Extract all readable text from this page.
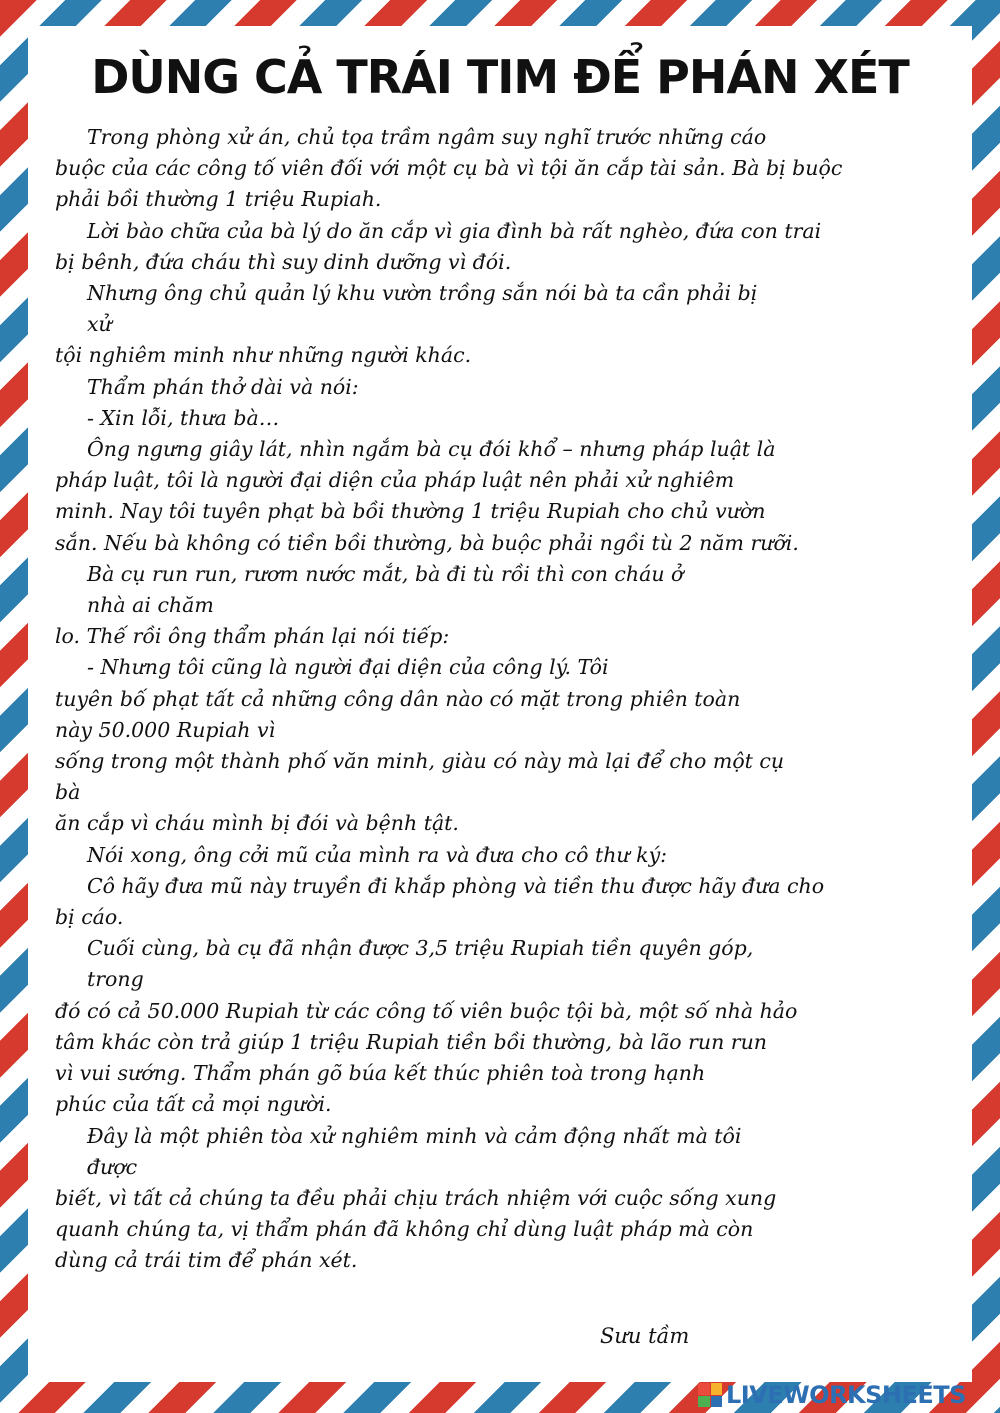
DÙNG CẢ TRÁI TIM ĐỂ PHÁN XÉT
Trong phòng xử án, chủ tọa trầm ngâm suy nghĩ trước những cáo
buộc của các công tố viên đối với một cụ bà vì tội ăn cắp tài sản. Bà bị buộc
phải bồi thường 1 triệu Rupiah.
Lời bào chữa của bà lý do ăn cắp vì gia đình bà rất nghèo, đứa con trai
bị bênh, đứa cháu thì suy dinh dưỡng vì đói.
Nhưng ông chủ quản lý khu vườn trồng sắn nói bà ta cần phải bị
xử
tội nghiêm minh như những người khác.
Thẩm phán thở dài và nói:
- Xin lỗi, thưa bà…
Ông ngưng giây lát, nhìn ngắm bà cụ đói khổ – nhưng pháp luật là
pháp luật, tôi là người đại diện của pháp luật nên phải xử nghiêm
minh. Nay tôi tuyên phạt bà bồi thường 1 triệu Rupiah cho chủ vườn
sắn. Nếu bà không có tiền bồi thường, bà buộc phải ngồi tù 2 năm rưỡi.
Bà cụ run run, rươm nước mắt, bà đi tù rồi thì con cháu ở
nhà ai chăm
lo. Thế rồi ông thẩm phán lại nói tiếp:
- Nhưng tôi cũng là người đại diện của công lý. Tôi
tuyên bố phạt tất cả những công dân nào có mặt trong phiên toàn
này 50.000 Rupiah vì
sống trong một thành phố văn minh, giàu có này mà lại để cho một cụ
bà
ăn cắp vì cháu mình bị đói và bệnh tật.
Nói xong, ông cởi mũ của mình ra và đưa cho cô thư ký:
Cô hãy đưa mũ này truyền đi khắp phòng và tiền thu được hãy đưa cho
bị cáo.
Cuối cùng, bà cụ đã nhận được 3,5 triệu Rupiah tiền quyên góp,
trong
đó có cả 50.000 Rupiah từ các công tố viên buộc tội bà, một số nhà hảo
tâm khác còn trả giúp 1 triệu Rupiah tiền bồi thường, bà lão run run
vì vui sướng. Thẩm phán gõ búa kết thúc phiên toà trong hạnh
phúc của tất cả mọi người.
Đây là một phiên tòa xử nghiêm minh và cảm động nhất mà tôi
được
biết, vì tất cả chúng ta đều phải chịu trách nhiệm với cuộc sống xung
quanh chúng ta, vị thẩm phán đã không chỉ dùng luật pháp mà còn
dùng cả trái tim để phán xét.
Sưu tầm
LIVEWORKSHEETS
